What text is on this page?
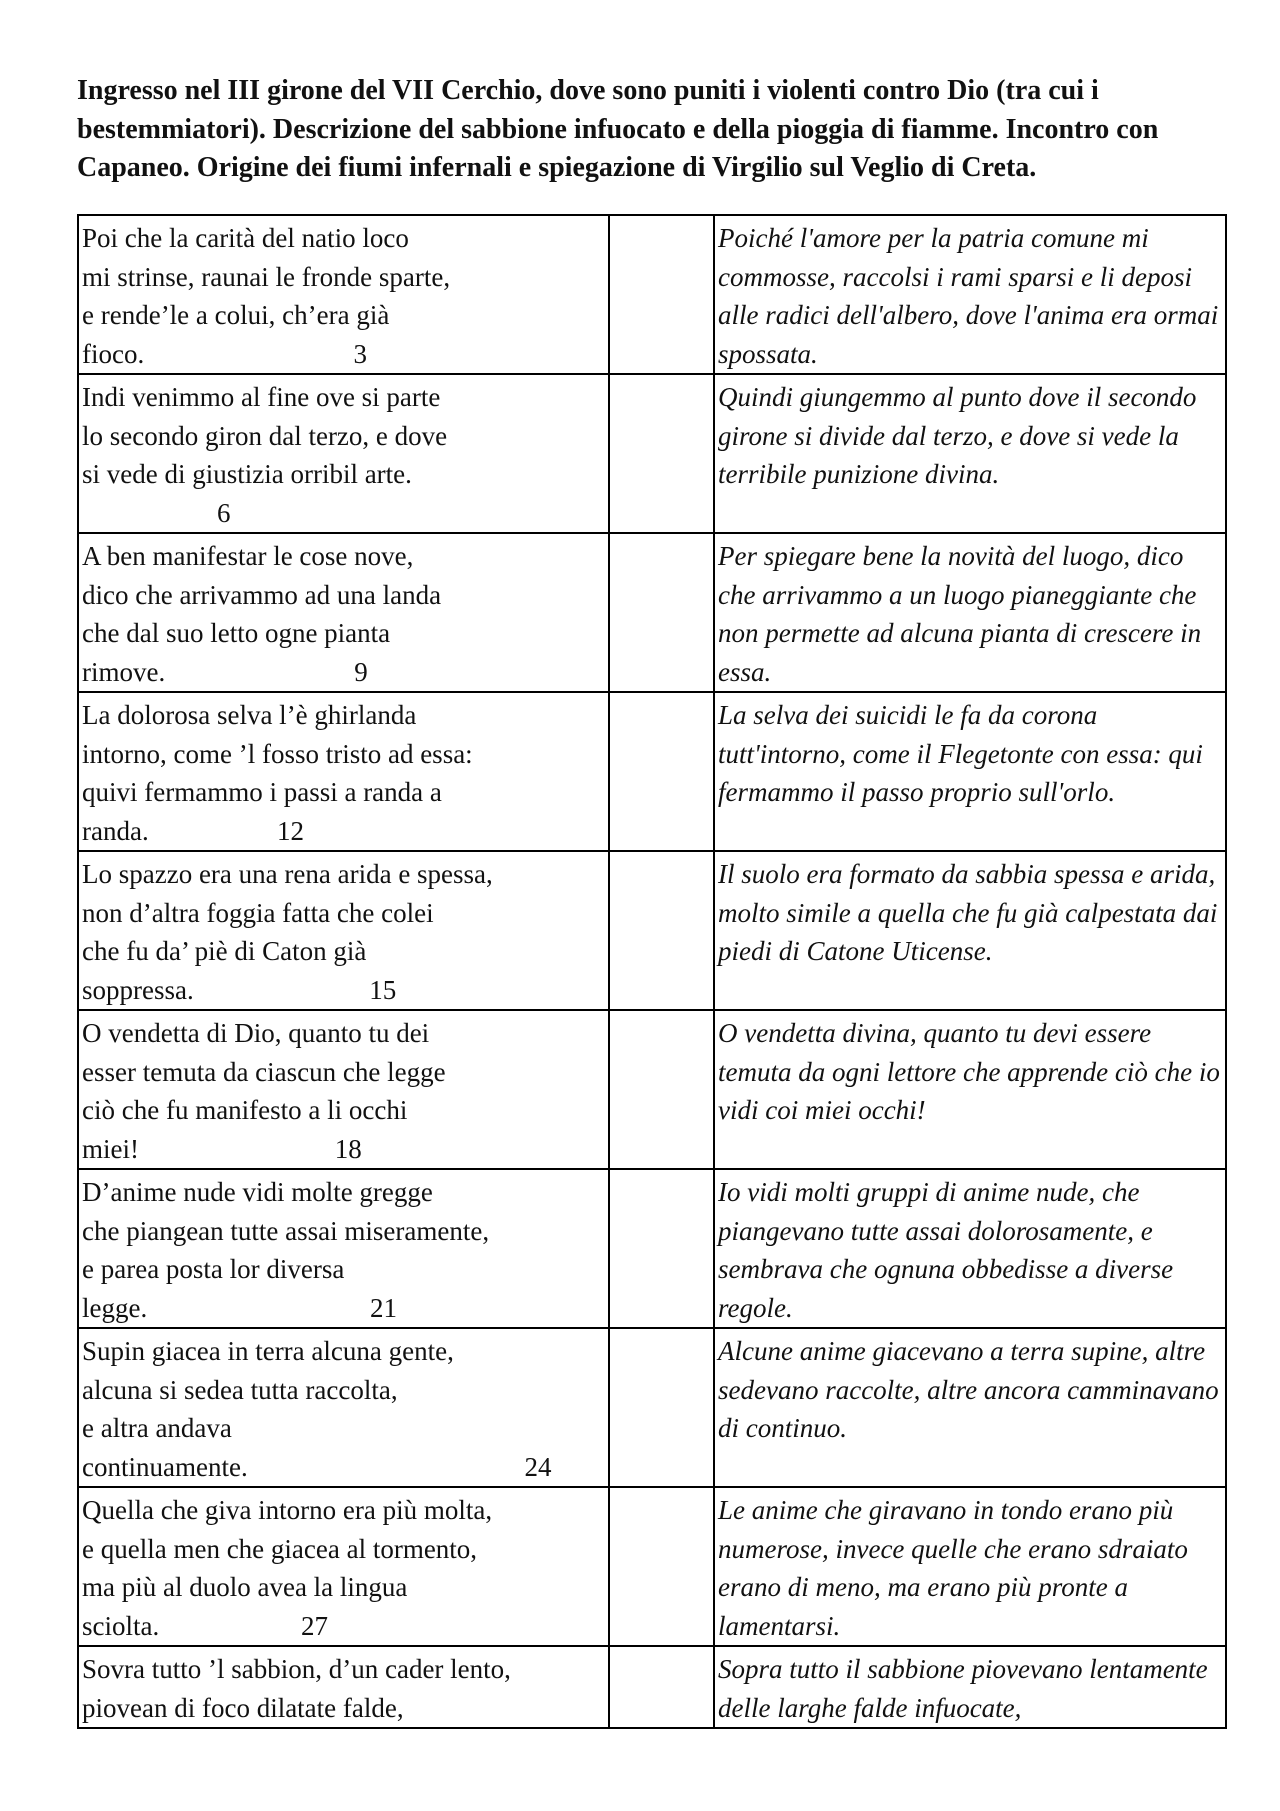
Ingresso nel III girone del VII Cerchio, dove sono puniti i violenti contro Dio (tra cui i bestemmiatori). Descrizione del sabbione infuocato e della pioggia di fiamme. Incontro con Capaneo. Origine dei fiumi infernali e spiegazione di Virgilio sul Veglio di Creta.
Poi che la carità del natio loco
mi strinse, raunai le fronde sparte,
e rende’le a colui, ch’era già
fioco.                               3		Poiché l'amore per la patria comune mi commosse, raccolsi i rami sparsi e li deposi alle radici dell'albero, dove l'anima era ormai spossata.
Indi venimmo al fine ove si parte
lo secondo giron dal terzo, e dove
si vede di giustizia orribil arte.
6		Quindi giungemmo al punto dove il secondo girone si divide dal terzo, e dove si vede la terribile punizione divina.
A ben manifestar le cose nove,
dico che arrivammo ad una landa
che dal suo letto ogne pianta
rimove.                            9		Per spiegare bene la novità del luogo, dico che arrivammo a un luogo pianeggiante che non permette ad alcuna pianta di crescere in essa.
La dolorosa selva l’è ghirlanda
intorno, come ’l fosso tristo ad essa:
quivi fermammo i passi a randa a
randa.                   12		La selva dei suicidi le fa da corona tutt'intorno, come il Flegetonte con essa: qui fermammo il passo proprio sull'orlo.
Lo spazzo era una rena arida e spessa,
non d’altra foggia fatta che colei
che fu da’ piè di Caton già
soppressa.                          15		Il suolo era formato da sabbia spessa e arida, molto simile a quella che fu già calpestata dai piedi di Catone Uticense.
O vendetta di Dio, quanto tu dei
esser temuta da ciascun che legge
ciò che fu manifesto a li occhi
miei!                             18		O vendetta divina, quanto tu devi essere temuta da ogni lettore che apprende ciò che io vidi coi miei occhi!
D’anime nude vidi molte gregge
che piangean tutte assai miseramente,
e parea posta lor diversa
legge.                                 21		Io vidi molti gruppi di anime nude, che piangevano tutte assai dolorosamente, e sembrava che ognuna obbedisse a diverse regole.
Supin giacea in terra alcuna gente,
alcuna si sedea tutta raccolta,
e altra andava
continuamente.                                         24		Alcune anime giacevano a terra supine, altre sedevano raccolte, altre ancora camminavano di continuo.
Quella che giva intorno era più molta,
e quella men che giacea al tormento,
ma più al duolo avea la lingua
sciolta.                     27		Le anime che giravano in tondo erano più numerose, invece quelle che erano sdraiato erano di meno, ma erano più pronte a lamentarsi.
Sovra tutto ’l sabbion, d’un cader lento,
piovean di foco dilatate falde,		Sopra tutto il sabbione piovevano lentamente delle larghe falde infuocate,
